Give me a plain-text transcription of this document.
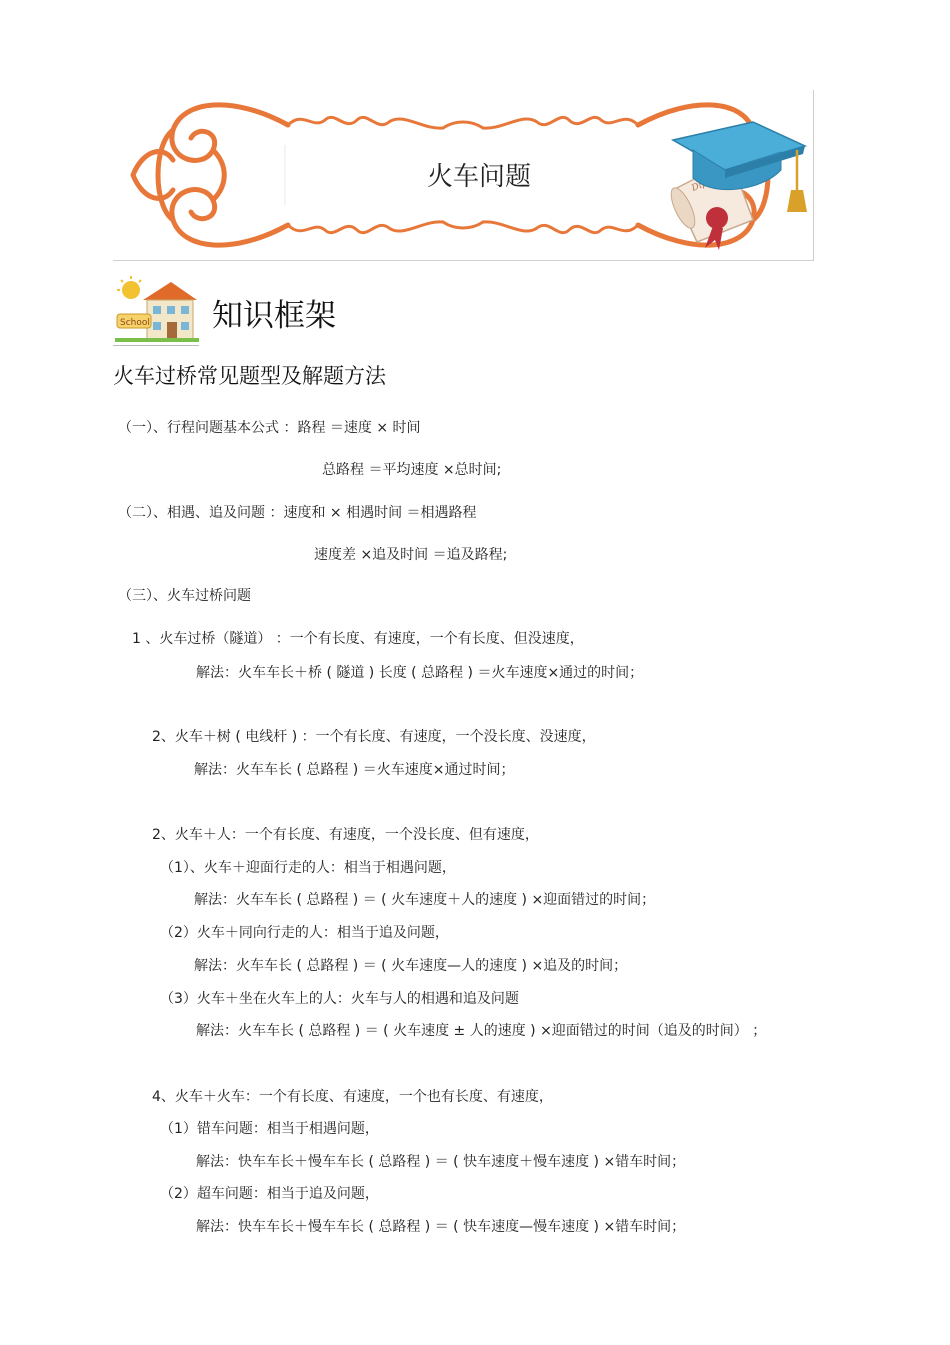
火车问题
School 知识框架
火车过桥常见题型及解题方法
（一）、行程问题基本公式 ：路程 ＝速度 × 时间
总路程 ＝平均速度 ×总时间;
（二）、相遇、追及问题 ：速度和 × 相遇时间 ＝相遇路程
速度差 ×追及时间 ＝追及路程;
（三）、火车过桥问题
1 、火车过桥（隧道） ：一个有长度、有速度，一个有长度、但没速度，
解法：火车车长＋桥 ( 隧道 ) 长度 ( 总路程 ) ＝火车速度×通过的时间；
2、火车＋树 ( 电线杆 ) ：一个有长度、有速度，一个没长度、没速度，
解法：火车车长 ( 总路程 ) ＝火车速度×通过时间；
2、火车＋人：一个有长度、有速度，一个没长度、但有速度，
（1）、火车＋迎面行走的人：相当于相遇问题，
解法：火车车长 ( 总路程 ) ＝ ( 火车速度＋人的速度 ) ×迎面错过的时间；
（2）火车＋同向行走的人：相当于追及问题，
解法：火车车长 ( 总路程 ) ＝ ( 火车速度—人的速度 ) ×追及的时间；
（3）火车＋坐在火车上的人：火车与人的相遇和追及问题
解法：火车车长 ( 总路程 ) ＝ ( 火车速度 ± 人的速度 ) ×迎面错过的时间（追及的时间） ；
4、火车＋火车：一个有长度、有速度，一个也有长度、有速度，
（1）错车问题：相当于相遇问题，
解法：快车车长＋慢车车长 ( 总路程 ) ＝ ( 快车速度＋慢车速度 ) ×错车时间；
（2）超车问题：相当于追及问题，
解法：快车车长＋慢车车长 ( 总路程 ) ＝ ( 快车速度—慢车速度 ) ×错车时间；
